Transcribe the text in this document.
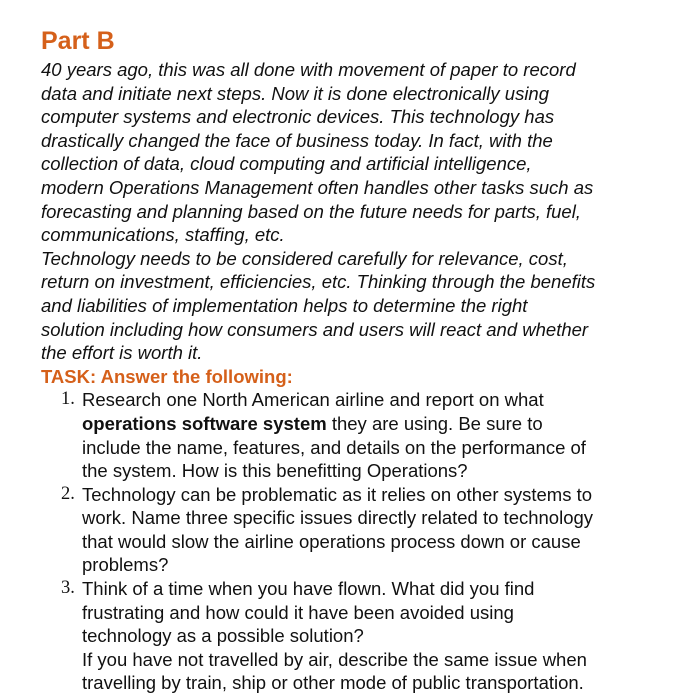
Part B

40 years ago, this was all done with movement of paper to record
data and initiate next steps. Now it is done electronically using
computer systems and electronic devices. This technology has
drastically changed the face of business today. In fact, with the
collection of data, cloud computing and artificial intelligence,
modern Operations Management often handles other tasks such as
forecasting and planning based on the future needs for parts, fuel,
communications, staffing, etc.
Technology needs to be considered carefully for relevance, cost,
return on investment, efficiencies, etc. Thinking through the benefits
and liabilities of implementation helps to determine the right
solution including how consumers and users will react and whether
the effort is worth it.

TASK: Answer the following:
1. Research one North American airline and report on what
operations software system they are using. Be sure to
include the name, features, and details on the performance of
the system. How is this benefitting Operations?
2. Technology can be problematic as it relies on other systems to
work. Name three specific issues directly related to technology
that would slow the airline operations process down or cause
problems?
3. Think of a time when you have flown. What did you find
frustrating and how could it have been avoided using
technology as a possible solution?
If you have not travelled by air, describe the same issue when
travelling by train, ship or other mode of public transportation.
